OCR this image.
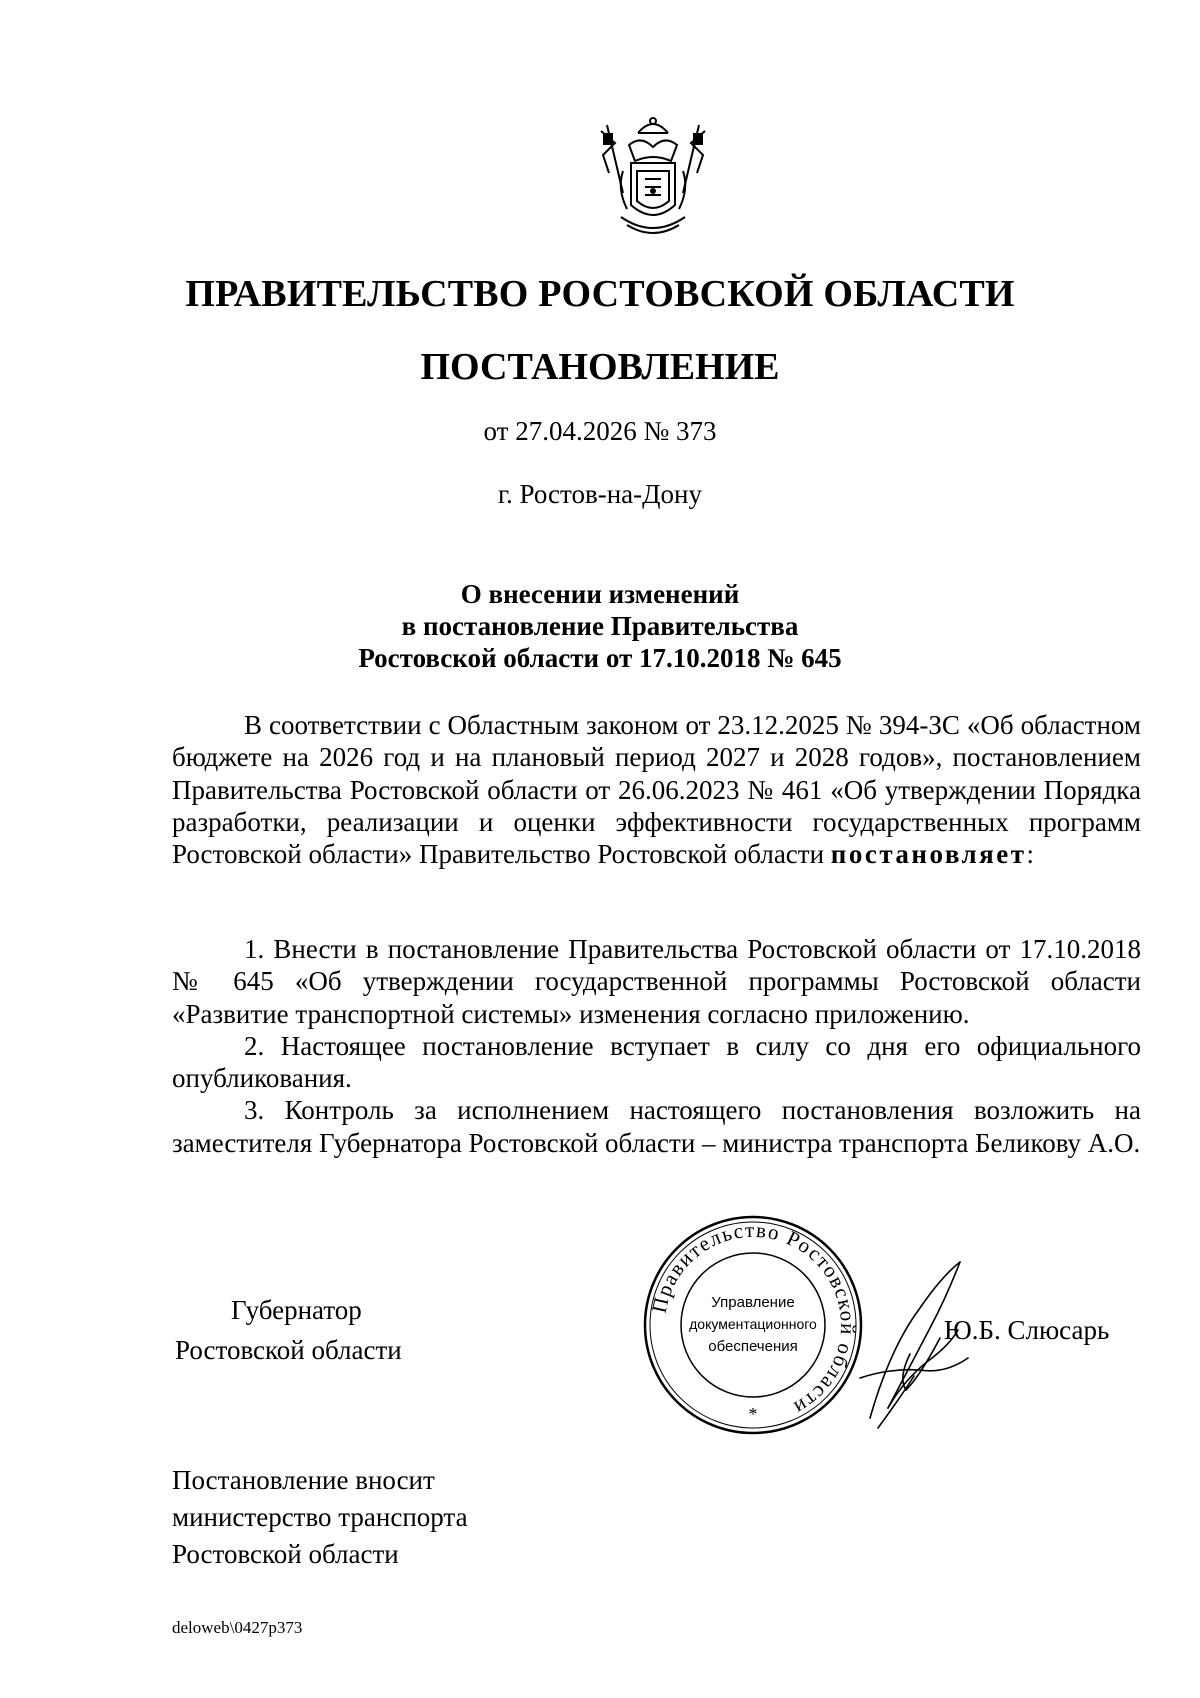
ПРАВИТЕЛЬСТВО РОСТОВСКОЙ ОБЛАСТИ
ПОСТАНОВЛЕНИЕ
от 27.04.2026 № 373
г. Ростов-на-Дону
О внесении изменений
в постановление Правительства
Ростовской области от 17.10.2018 № 645

В соответствии с Областным законом от 23.12.2025 № 394-ЗС «Об областном бюджете на 2026 год и на плановый период 2027 и 2028 годов», постановлением Правительства Ростовской области от 26.06.2023 № 461 «Об утверждении Порядка разработки, реализации и оценки эффективности государственных программ Ростовской области» Правительство Ростовской области постановляет:

1. Внести в постановление Правительства Ростовской области от 17.10.2018 № 645 «Об утверждении государственной программы Ростовской области «Развитие транспортной системы» изменения согласно приложению.

2. Настоящее постановление вступает в силу со дня его официального опубликования.

3. Контроль за исполнением настоящего постановления возложить на заместителя Губернатора Ростовской области – министра транспорта Беликову А.О.

Губернатор
Ростовской области
Правительство Ростовской области
Управление
документационного
обеспечения
*
Ю.Б. Слюсарь
Постановление вносит
министерство транспорта
Ростовской области
deloweb\0427p373
